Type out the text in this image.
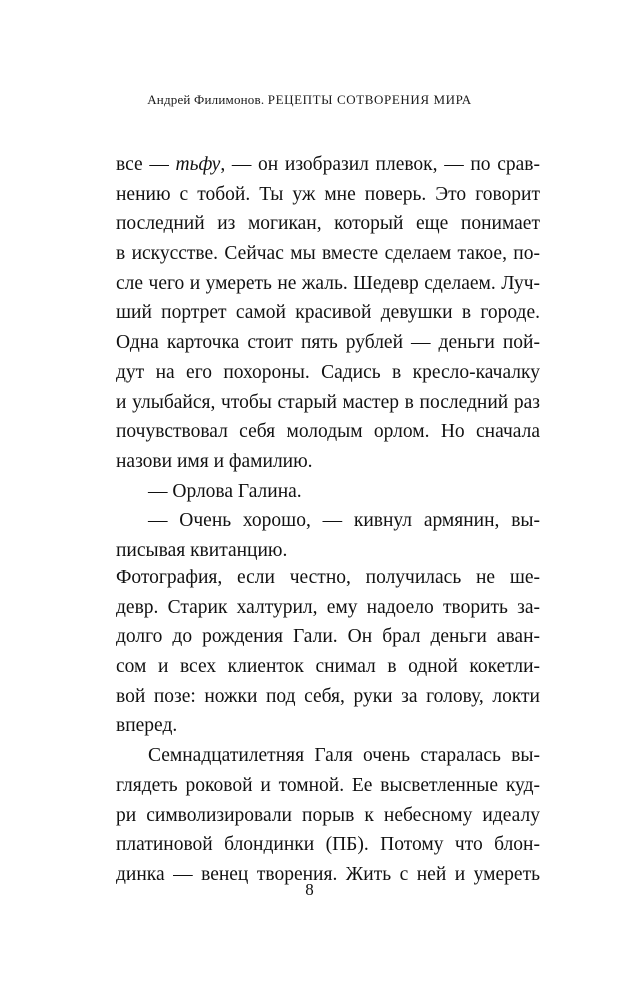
Андрей Филимонов. РЕЦЕПТЫ СОТВОРЕНИЯ МИРА
все — тьфу, — он изобразил плевок, — по срав-
нению с тобой. Ты уж мне поверь. Это говорит
последний из могикан, который еще понимает
в искусстве. Сейчас мы вместе сделаем такое, по-
сле чего и умереть не жаль. Шедевр сделаем. Луч-
ший портрет самой красивой девушки в городе.
Одна карточка стоит пять рублей — деньги пой-
дут на его похороны. Садись в кресло-качалку
и улыбайся, чтобы старый мастер в последний раз
почувствовал себя молодым орлом. Но сначала
назови имя и фамилию.
— Орлова Галина.
— Очень хорошо, — кивнул армянин, вы-
писывая квитанцию.
Фотография, если честно, получилась не ше-
девр. Старик халтурил, ему надоело творить за-
долго до рождения Гали. Он брал деньги аван-
сом и всех клиенток снимал в одной кокетли-
вой позе: ножки под себя, руки за голову, локти
вперед.
Семнадцатилетняя Галя очень старалась вы-
глядеть роковой и томной. Ее высветленные куд-
ри символизировали порыв к небесному идеалу
платиновой блондинки (ПБ). Потому что блон-
динка — венец творения. Жить с ней и умереть
8
